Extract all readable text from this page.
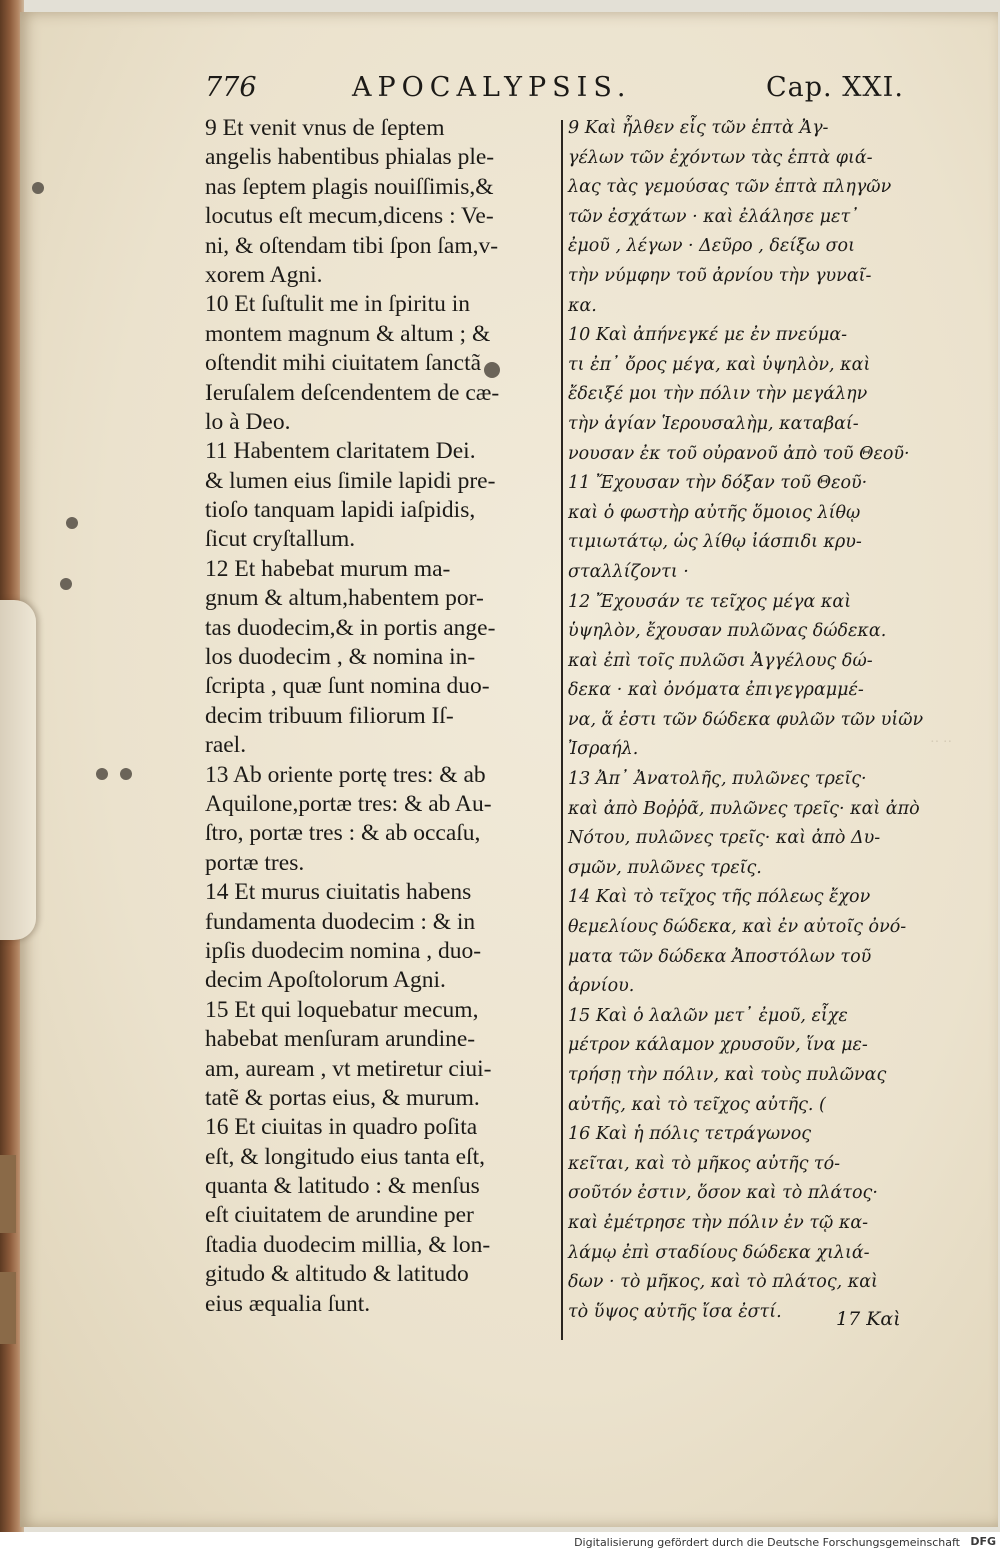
·· ··
776	APOCALYPSIS.	Cap. XXI.
9 Et venit vnus de ſeptem
angelis habentibus phialas ple-
nas ſeptem plagis nouiſſimis,&
locutus eſt mecum,dicens : Ve-
ni, & oſtendam tibi ſpon ſam,v-
xorem Agni.
10 Et ſuſtulit me in ſpiritu in
montem magnum & altum ; &
oſtendit mihi ciuitatem ſanctã
Ieruſalem deſcendentem de cæ-
lo à Deo.
11 Habentem claritatem Dei.
& lumen eius ſimile lapidi pre-
tioſo tanquam lapidi iaſpidis,
ſicut cryſtallum.
12 Et habebat murum ma-
gnum & altum,habentem por-
tas duodecim,& in portis ange-
los duodecim , & nomina in-
ſcripta , quæ ſunt nomina duo-
decim tribuum filiorum Iſ-
rael.
13 Ab oriente portę tres: & ab
Aquilone,portæ tres: & ab Au-
ſtro, portæ tres : & ab occaſu,
portæ tres.
14 Et murus ciuitatis habens
fundamenta duodecim : & in
ipſis duodecim nomina , duo-
decim Apoſtolorum Agni.
15 Et qui loquebatur mecum,
habebat menſuram arundine-
am, auream , vt metiretur ciui-
tatẽ & portas eius, & murum.
16 Et ciuitas in quadro poſita
eſt, & longitudo eius tanta eſt,
quanta & latitudo : & menſus
eſt ciuitatem de arundine per
ſtadia duodecim millia, & lon-
gitudo & altitudo & latitudo
eius æqualia ſunt.
9 Καὶ ἦλθεν εἷς τῶν ἑπτὰ Ἀγ-
γέλων τῶν ἐχόντων τὰς ἑπτὰ φιά-
λας τὰς γεμούσας τῶν ἑπτὰ πληγῶν
τῶν ἐσχάτων · καὶ ἐλάλησε μετ᾽
ἐμοῦ , λέγων · Δεῦρο , δείξω σοι
τὴν νύμφην τοῦ ἀρνίου τὴν γυναῖ-
κα.
10 Καὶ ἀπήνεγκέ με ἐν πνεύμα-
τι ἐπ᾽ ὄρος μέγα, καὶ ὑψηλὸν, καὶ
ἔδειξέ μοι τὴν πόλιν τὴν μεγάλην
τὴν ἁγίαν Ἱερουσαλὴμ, καταβαί-
νουσαν ἐκ τοῦ οὐρανοῦ ἀπὸ τοῦ Θεοῦ·
11 Ἔχουσαν τὴν δόξαν τοῦ Θεοῦ·
καὶ ὁ φωστὴρ αὐτῆς ὅμοιος λίθῳ
τιμιωτάτῳ, ὡς λίθῳ ἰάσπιδι κρυ-
σταλλίζοντι ·
12 Ἔχουσάν τε τεῖχος μέγα καὶ
ὑψηλὸν, ἔχουσαν πυλῶνας δώδεκα.
καὶ ἐπὶ τοῖς πυλῶσι Ἀγγέλους δώ-
δεκα · καὶ ὀνόματα ἐπιγεγραμμέ-
να, ἅ ἐστι τῶν δώδεκα φυλῶν τῶν υἱῶν
Ἰσραήλ.
13 Ἀπ᾽ Ἀνατολῆς, πυλῶνες τρεῖς·
καὶ ἀπὸ Βοῤῥᾶ, πυλῶνες τρεῖς· καὶ ἀπὸ
Νότου, πυλῶνες τρεῖς· καὶ ἀπὸ Δυ-
σμῶν, πυλῶνες τρεῖς.
14 Καὶ τὸ τεῖχος τῆς πόλεως ἔχον
θεμελίους δώδεκα, καὶ ἐν αὐτοῖς ὀνό-
ματα τῶν δώδεκα Ἀποστόλων τοῦ
ἀρνίου.
15 Καὶ ὁ λαλῶν μετ᾽ ἐμοῦ, εἶχε
μέτρον κάλαμον χρυσοῦν, ἵνα με-
τρήσῃ τὴν πόλιν, καὶ τοὺς πυλῶνας
αὐτῆς, καὶ τὸ τεῖχος αὐτῆς. (
16 Καὶ ἡ πόλις τετράγωνος
κεῖται, καὶ τὸ μῆκος αὐτῆς τό-
σοῦτόν ἐστιν, ὅσον καὶ τὸ πλάτος·
καὶ ἐμέτρησε τὴν πόλιν ἐν τῷ κα-
λάμῳ ἐπὶ σταδίους δώδεκα χιλιά-
δων · τὸ μῆκος, καὶ τὸ πλάτος, καὶ
τὸ ὕψος αὐτῆς ἴσα ἐστί.	17 Καὶ
Digitalisierung gefördert durch die Deutsche Forschungsgemeinschaft DFG
